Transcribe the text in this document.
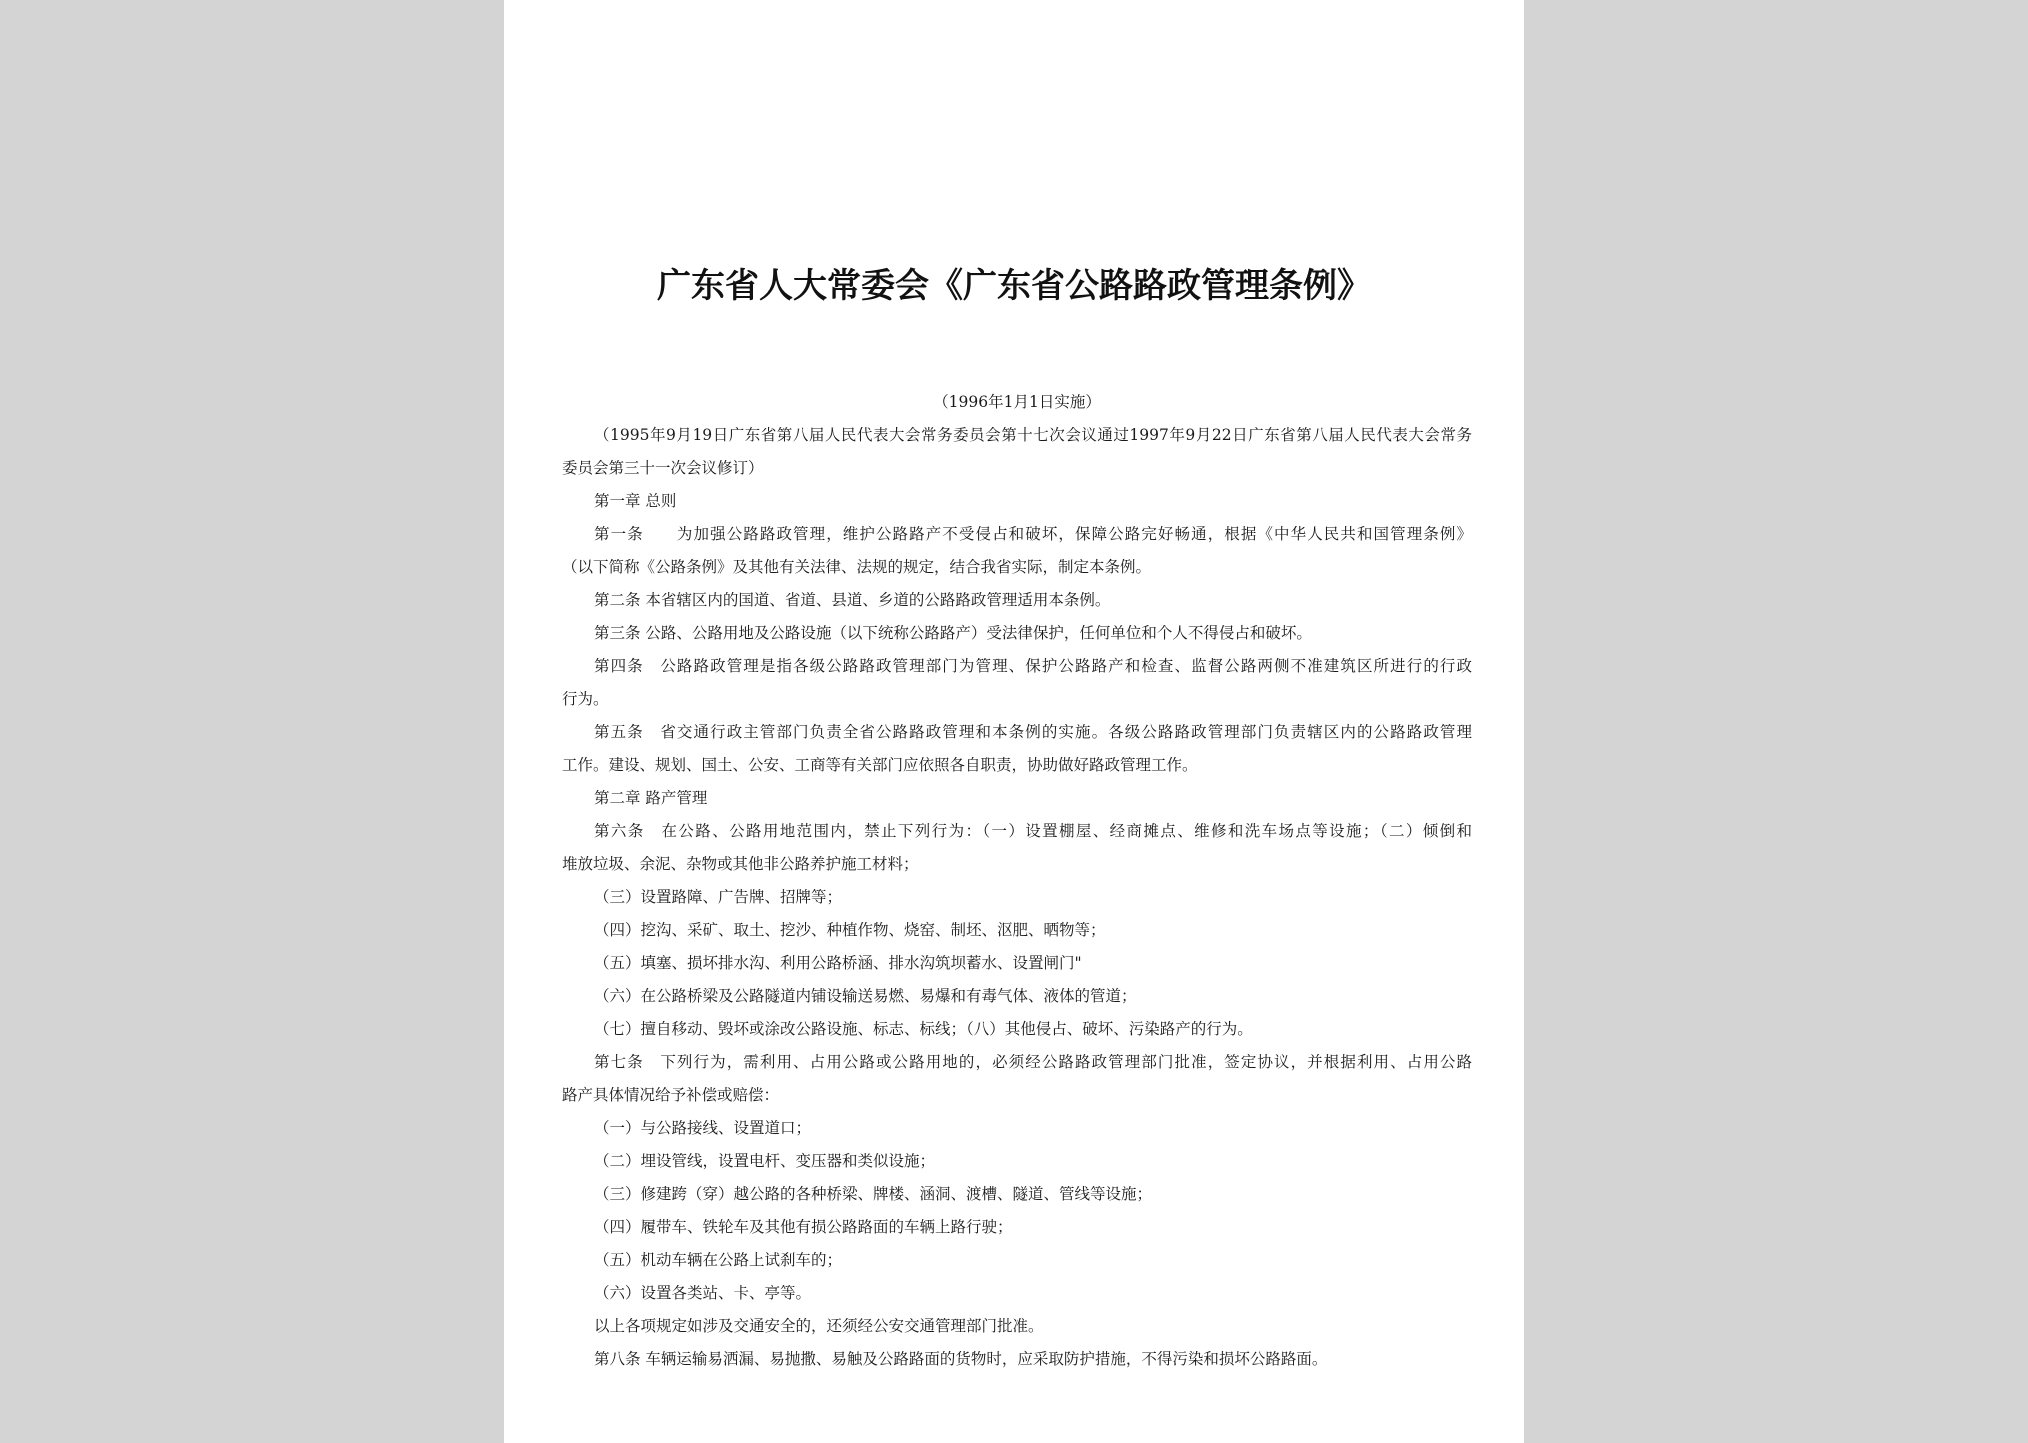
广东省人大常委会《广东省公路路政管理条例》
（1996年1月1日实施）
（1995年9月19日广东省第八届人民代表大会常务委员会第十七次会议通过1997年9月22日广东省第八届人民代表大会常务
委员会第三十一次会议修订）
第一章 总则
第一条　　为加强公路路政管理，维护公路路产不受侵占和破坏，保障公路完好畅通，根据《中华人民共和国管理条例》
（以下简称《公路条例》及其他有关法律、法规的规定，结合我省实际，制定本条例。
第二条 本省辖区内的国道、省道、县道、乡道的公路路政管理适用本条例。
第三条 公路、公路用地及公路设施（以下统称公路路产）受法律保护，任何单位和个人不得侵占和破坏。
第四条　公路路政管理是指各级公路路政管理部门为管理、保护公路路产和检查、监督公路两侧不准建筑区所进行的行政
行为。
第五条　省交通行政主管部门负责全省公路路政管理和本条例的实施。各级公路路政管理部门负责辖区内的公路路政管理
工作。建设、规划、国土、公安、工商等有关部门应依照各自职责，协助做好路政管理工作。
第二章 路产管理
第六条　在公路、公路用地范围内，禁止下列行为：（一）设置棚屋、经商摊点、维修和洗车场点等设施；（二）倾倒和
堆放垃圾、余泥、杂物或其他非公路养护施工材料；
（三）设置路障、广告牌、招牌等；
（四）挖沟、采矿、取土、挖沙、种植作物、烧窑、制坯、沤肥、晒物等；
（五）填塞、损坏排水沟、利用公路桥涵、排水沟筑坝蓄水、设置闸门"
（六）在公路桥梁及公路隧道内铺设输送易燃、易爆和有毒气体、液体的管道；
（七）擅自移动、毁坏或涂改公路设施、标志、标线；（八）其他侵占、破坏、污染路产的行为。
第七条　下列行为，需利用、占用公路或公路用地的，必须经公路路政管理部门批准，签定协议，并根据利用、占用公路
路产具体情况给予补偿或赔偿：
（一）与公路接线、设置道口；
（二）埋设管线，设置电杆、变压器和类似设施；
（三）修建跨（穿）越公路的各种桥梁、牌楼、涵洞、渡槽、隧道、管线等设施；
（四）履带车、铁轮车及其他有损公路路面的车辆上路行驶；
（五）机动车辆在公路上试刹车的；
（六）设置各类站、卡、亭等。
以上各项规定如涉及交通安全的，还须经公安交通管理部门批准。
第八条 车辆运输易洒漏、易抛撒、易触及公路路面的货物时，应采取防护措施，不得污染和损坏公路路面。
